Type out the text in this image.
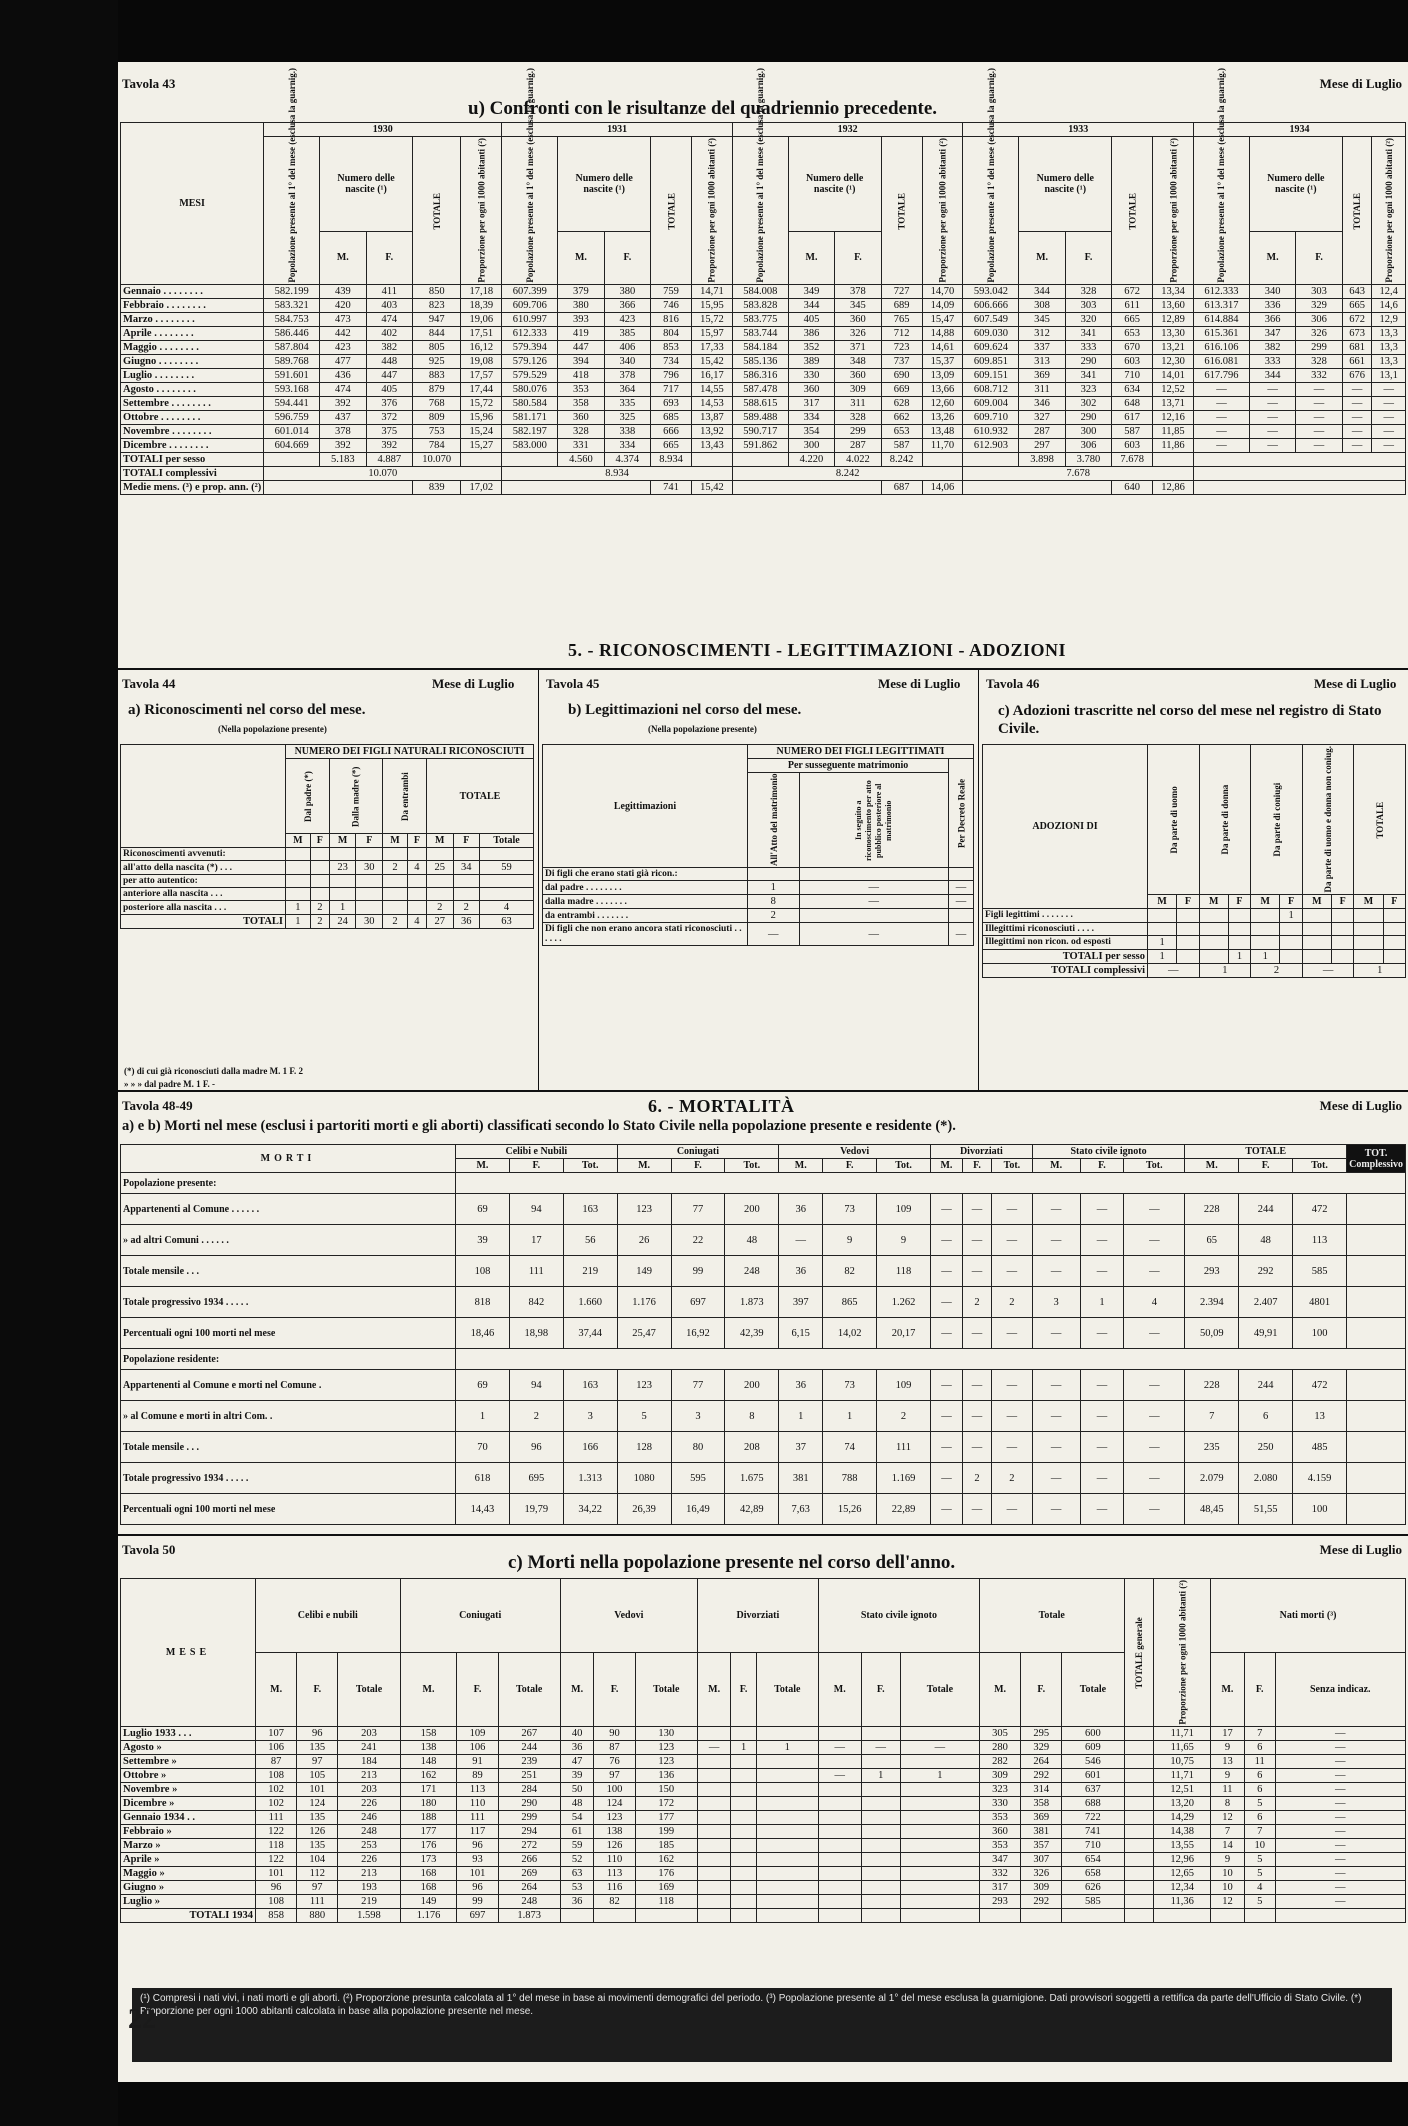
Tavola 43	Mese di Luglio
u) Confronti con le risultanze del quadriennio precedente.
MESI	1930					1931					1932					1933					1934				
	Popolazione presente al 1° del mese (esclusa la guarnig.)	Numero delle nascite (¹)		TOTALE	Proporzione per ogni 1000 abitanti (²)	Popolazione presente al 1° del mese (esclusa la guarnig.)	Numero delle nascite (¹)		TOTALE	Proporzione per ogni 1000 abitanti (²)	Popolazione presente al 1° del mese (esclusa la guarnig.)	Numero delle nascite (¹)		TOTALE	Proporzione per ogni 1000 abitanti (²)	Popolazione presente al 1° del mese (esclusa la guarnig.)	Numero delle nascite (¹)		TOTALE	Proporzione per ogni 1000 abitanti (²)	Popolazione presente al 1° del mese (esclusa la guarnig.)	Numero delle nascite (¹)		TOTALE	Proporzione per ogni 1000 abitanti (²)
		M.	F.				M.	F.				M.	F.				M.	F.				M.	F.		
Gennaio . . . . . . . .	582.199	439	411	850	17,18	607.399	379	380	759	14,71	584.008	349	378	727	14,70	593.042	344	328	672	13,34	612.333	340	303	643	12,4
Febbraio . . . . . . . .	583.321	420	403	823	18,39	609.706	380	366	746	15,95	583.828	344	345	689	14,09	606.666	308	303	611	13,60	613.317	336	329	665	14,6
Marzo . . . . . . . .	584.753	473	474	947	19,06	610.997	393	423	816	15,72	583.775	405	360	765	15,47	607.549	345	320	665	12,89	614.884	366	306	672	12,9
Aprile . . . . . . . .	586.446	442	402	844	17,51	612.333	419	385	804	15,97	583.744	386	326	712	14,88	609.030	312	341	653	13,30	615.361	347	326	673	13,3
Maggio . . . . . . . .	587.804	423	382	805	16,12	579.394	447	406	853	17,33	584.184	352	371	723	14,61	609.624	337	333	670	13,21	616.106	382	299	681	13,3
Giugno . . . . . . . .	589.768	477	448	925	19,08	579.126	394	340	734	15,42	585.136	389	348	737	15,37	609.851	313	290	603	12,30	616.081	333	328	661	13,3
Luglio . . . . . . . .	591.601	436	447	883	17,57	579.529	418	378	796	16,17	586.316	330	360	690	13,09	609.151	369	341	710	14,01	617.796	344	332	676	13,1
Agosto . . . . . . . .	593.168	474	405	879	17,44	580.076	353	364	717	14,55	587.478	360	309	669	13,66	608.712	311	323	634	12,52	—	—	—	—	—
Settembre . . . . . . . .	594.441	392	376	768	15,72	580.584	358	335	693	14,53	588.615	317	311	628	12,60	609.004	346	302	648	13,71	—	—	—	—	—
Ottobre . . . . . . . .	596.759	437	372	809	15,96	581.171	360	325	685	13,87	589.488	334	328	662	13,26	609.710	327	290	617	12,16	—	—	—	—	—
Novembre . . . . . . . .	601.014	378	375	753	15,24	582.197	328	338	666	13,92	590.717	354	299	653	13,48	610.932	287	300	587	11,85	—	—	—	—	—
Dicembre . . . . . . . .	604.669	392	392	784	15,27	583.000	331	334	665	13,43	591.862	300	287	587	11,70	612.903	297	306	603	11,86	—	—	—	—	—
TOTALI per sesso		5.183	4.887	10.070			4.560	4.374	8.934			4.220	4.022	8.242			3.898	3.780	7.678						
TOTALI complessivi	10.070					8.934					8.242					7.678									
Medie mens. (³) e prop. ann. (²)				839	17,02				741	15,42				687	14,06				640	12,86					
5. - RICONOSCIMENTI - LEGITTIMAZIONI - ADOZIONI
Tavola 44	Mese di Luglio
a) Riconoscimenti nel corso del mese.
(Nella popolazione presente)
	NUMERO DEI FIGLI NATURALI RICONOSCIUTI								
	Dal padre (*)		Dalla madre (*)		Da entrambi		TOTALE		
	M	F	M	F	M	F	M	F	Totale
Riconoscimenti avvenuti:									
all'atto della nascita (*) . . .			23	30	2	4	25	34	59
per atto autentico:									
anteriore alla nascita . . .									
posteriore alla nascita . . .	1	2	1				2	2	4
TOTALI	1	2	24	30	2	4	27	36	63
(*) di cui già riconosciuti dalla madre M. 1 F. 2
» » » dal padre M. 1 F. -
Tavola 45	Mese di Luglio
b) Legittimazioni nel corso del mese.
(Nella popolazione presente)
Legittimazioni	NUMERO DEI FIGLI LEGITTIMATI		
	Per susseguente matrimonio		Per Decreto Reale
	All'Atto del matrimonio	In seguito a riconoscimento per atto pubblico posteriore al matrimonio	
Di figli che erano stati già ricon.:			
dal padre . . . . . . . .	1	—	—
dalla madre . . . . . . .	8	—	—
da entrambi . . . . . . .	2		
Di figli che non erano ancora stati riconosciuti . . . . . .	—	—	—
Tavola 46	Mese di Luglio
c) Adozioni trascritte nel corso del mese nel registro di Stato Civile.
ADOZIONI DI	Da parte di uomo		Da parte di donna		Da parte di coniugi		Da parte di uomo e donna non coniug.		TOTALE	
	M	F	M	F	M	F	M	F	M	F
Figli legittimi . . . . . . .						1				
Illegittimi riconosciuti . . . .										
Illegittimi non ricon. od esposti	1									
TOTALI per sesso	1			1	1					
TOTALI complessivi	—		1		2		—		1	
Tavola 48-49	Mese di Luglio
6. - MORTALITÀ
a) e b) Morti nel mese (esclusi i partoriti morti e gli aborti) classificati secondo lo Stato Civile nella popolazione presente e residente (*).
MORTI	Celibi e Nubili			Coniugati			Vedovi			Divorziati			Stato civile ignoto			TOTALE			TOT. Complessivo
	M.	F.	Tot.	M.	F.	Tot.	M.	F.	Tot.	M.	F.	Tot.	M.	F.	Tot.	M.	F.	Tot.	
Popolazione presente:																			
Appartenenti al Comune . . . . . .	69	94	163	123	77	200	36	73	109	—	—	—	—	—	—	228	244	472	
» ad altri Comuni . . . . . .	39	17	56	26	22	48	—	9	9	—	—	—	—	—	—	65	48	113	
Totale mensile . . .	108	111	219	149	99	248	36	82	118	—	—	—	—	—	—	293	292	585	
Totale progressivo 1934 . . . . .	818	842	1.660	1.176	697	1.873	397	865	1.262	—	2	2	3	1	4	2.394	2.407	4801	
Percentuali ogni 100 morti nel mese	18,46	18,98	37,44	25,47	16,92	42,39	6,15	14,02	20,17	—	—	—	—	—	—	50,09	49,91	100	
Popolazione residente:																			
Appartenenti al Comune e morti nel Comune .	69	94	163	123	77	200	36	73	109	—	—	—	—	—	—	228	244	472	
» al Comune e morti in altri Com. .	1	2	3	5	3	8	1	1	2	—	—	—	—	—	—	7	6	13	
Totale mensile . . .	70	96	166	128	80	208	37	74	111	—	—	—	—	—	—	235	250	485	
Totale progressivo 1934 . . . . .	618	695	1.313	1080	595	1.675	381	788	1.169	—	2	2	—	—	—	2.079	2.080	4.159	
Percentuali ogni 100 morti nel mese	14,43	19,79	34,22	26,39	16,49	42,89	7,63	15,26	22,89	—	—	—	—	—	—	48,45	51,55	100	
Tavola 50	Mese di Luglio
c) Morti nella popolazione presente nel corso dell'anno.
MESE	Celibi e nubili			Coniugati			Vedovi			Divorziati			Stato civile ignoto			Totale			TOTALE generale	Proporzione per ogni 1000 abitanti (²)	Nati morti (³)		
	M.	F.	Totale	M.	F.	Totale	M.	F.	Totale	M.	F.	Totale	M.	F.	Totale	M.	F.	Totale			M.	F.	Senza indicaz.
Luglio 1933 . . .	107	96	203	158	109	267	40	90	130							305	295	600		11,71	17	7	—
Agosto »	106	135	241	138	106	244	36	87	123	—	1	1	—	—	—	280	329	609		11,65	9	6	—
Settembre »	87	97	184	148	91	239	47	76	123							282	264	546		10,75	13	11	—
Ottobre »	108	105	213	162	89	251	39	97	136				—	1	1	309	292	601		11,71	9	6	—
Novembre »	102	101	203	171	113	284	50	100	150							323	314	637		12,51	11	6	—
Dicembre »	102	124	226	180	110	290	48	124	172							330	358	688		13,20	8	5	—
Gennaio 1934 . .	111	135	246	188	111	299	54	123	177							353	369	722		14,29	12	6	—
Febbraio »	122	126	248	177	117	294	61	138	199							360	381	741		14,38	7	7	—
Marzo »	118	135	253	176	96	272	59	126	185							353	357	710		13,55	14	10	—
Aprile »	122	104	226	173	93	266	52	110	162							347	307	654		12,96	9	5	—
Maggio »	101	112	213	168	101	269	63	113	176							332	326	658		12,65	10	5	—
Giugno »	96	97	193	168	96	264	53	116	169							317	309	626		12,34	10	4	—
Luglio »	108	111	219	149	99	248	36	82	118							293	292	585		11,36	12	5	—
TOTALI 1934	858	880	1.598	1.176	697	1.873																	
(¹) Compresi i nati vivi, i nati morti e gli aborti. (²) Proporzione presunta calcolata al 1° del mese in base ai movimenti demografici del periodo. (³) Popolazione presente al 1° del mese esclusa la guarnigione. Dati provvisori soggetti a rettifica da parte dell'Ufficio di Stato Civile. (*) Proporzione per ogni 1000 abitanti calcolata in base alla popolazione presente nel mese.
22
